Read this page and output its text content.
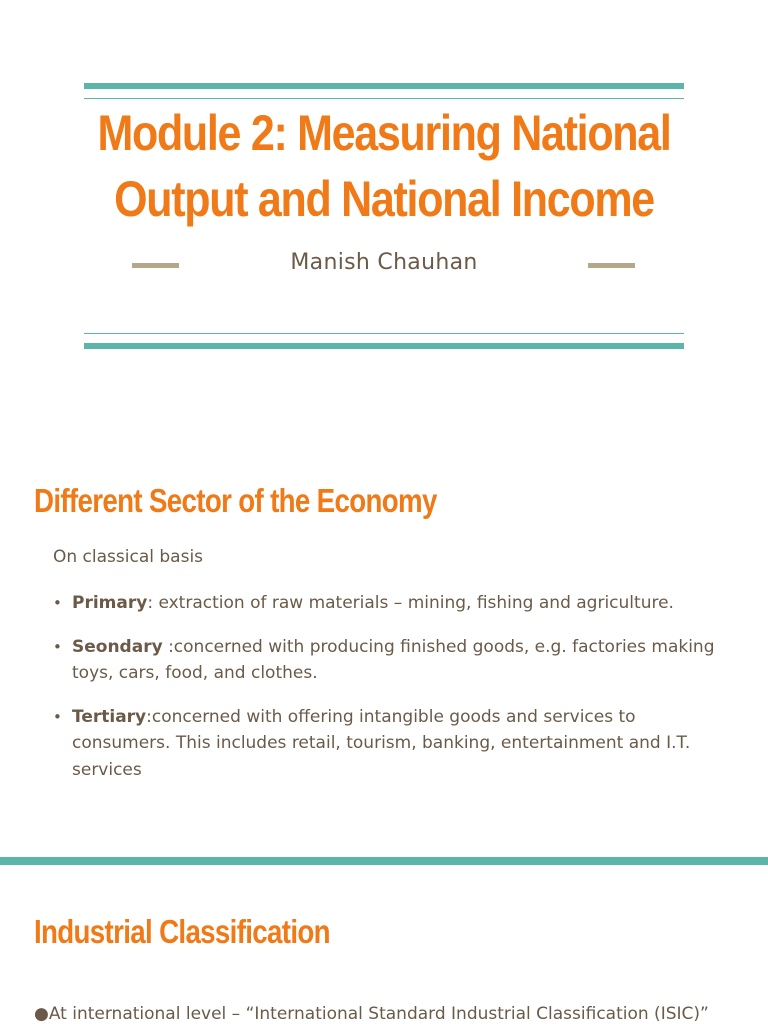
Module 2: Measuring National
Output and National Income
Manish Chauhan
Different Sector of the Economy

On classical basis

• Primary: extraction of raw materials – mining, fishing and agriculture.
• Seondary :concerned with producing finished goods, e.g. factories making toys, cars, food, and clothes.
• Tertiary:concerned with offering intangible goods and services to consumers. This includes retail, tourism, banking, entertainment and I.T. services
Industrial Classification

●At international level – “International Standard Industrial Classification (ISIC)”
